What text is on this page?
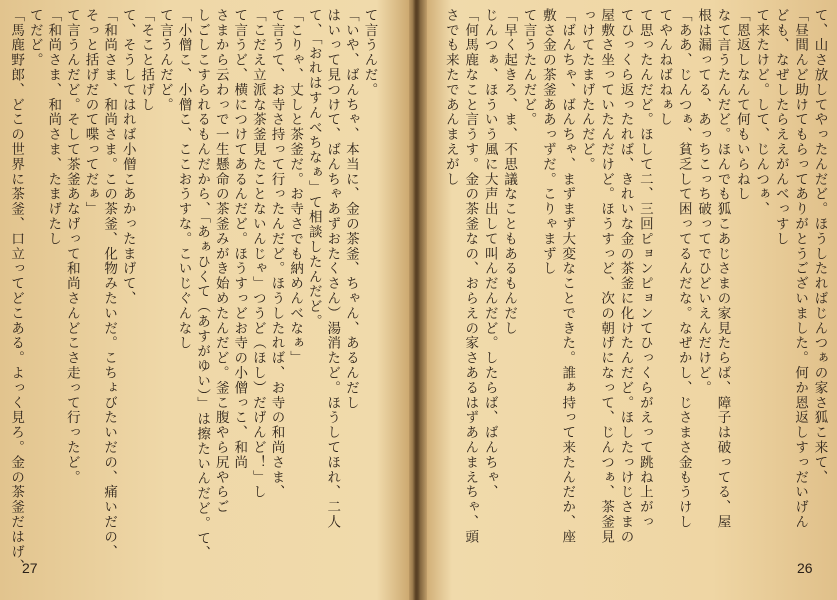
27
て言うんだ。
「いや、ばんちゃ、本当に、金の茶釜、ちゃん、あるんだし
はいって見つけて、ばんちゃあずおたくさん）湯消たど。ほうしてほれ、二人
て、「おれはすんべちなぁ」て相談したんだど。
「こりゃ、丈しと茶釜だ。お寺さでも納めんべなぁ」
て言うて、お寺さ持って行ったんだど。ほうしたれば、お寺の和尚さま、
「こだえ立派な茶釜見たことないんじゃ」つうど（ほし）だげんど！」し
て言うど、横につけてあるんだど。ほうすっどお寺の小僧っこ、和尚
さまから云わっで一生懸命の茶釜みがき始めたんだど。釜こ腹やら尻やらご
しごしこすられるもんだから、「あぁひくて（あすがゆい）」は擦たいんだど。て、
「小僧こ、小僧こ、ここおうすな。こいじぐんなし
て言うんだど。
「そこと括げし
て、そうしてはれば小僧こあかったまげて、
「和尚さま、和尚さま。この茶釜、化物みたいだ。こちょびたいだの、痛いだの、
そっと括げだのて喋ってだぁ」
て言うんだど。そして茶釜あなげって和尚さんどこさ走って行ったど。
「和尚さま、和尚さま、たまげたし
てだど。
「馬鹿野郎、どこの世界に茶釜、口立ってどこある。よっく見ろ。金の茶釜だはげ、	26
て、山さ放してやったんだど。ほうしたればじんつぁの家さ狐こ来て、
「昼間んど助けてもらってありがとうございました。何か恩返しすっだいげん
ども、なぜしたらええがんべっすし
て来たけど。して、じんつぁ、
「恩返しなんて何もいらねし
なて言うたんだど。ほんでも狐こあじさまの家見たらば、障子は破ってる、屋
根は漏ってる、あっちこっち破ってでひどいえんだけど。
「ああ、じんつぁ、貧乏して困ってるんだな。なぜかし、じさまさ金もうけし
てやんねばねぁし
て思ったんだど。ほして二、三回ピョンピョンてひっくらがえって跳ね上がっ
てひっくら返ったれば、きれいな金の茶釜に化けたんだど。ほしたっけじさまの
屋敷さ坐っていたんだけど。ほうすっど、次の朝げになって、じんつぁ、茶釜見
っけてたまげたんだど。
「ばんちゃ、ばんちゃ、まずまず大変なことできた。誰ぁ持って来たんだか、座
敷さ金の茶釜ああっずだ。こりゃまずし
て言うたんだど。
「早く起きろ、ま、不思議なこともあるもんだし
じんつぁ、ほういう風に大声出して叫んだんだど。したらば、ばんちゃ、
「何馬鹿なこと言うす。金の茶釜なの、おらえの家さあるはずあんまえちゃ、頭
さでも来たであんまえがし
